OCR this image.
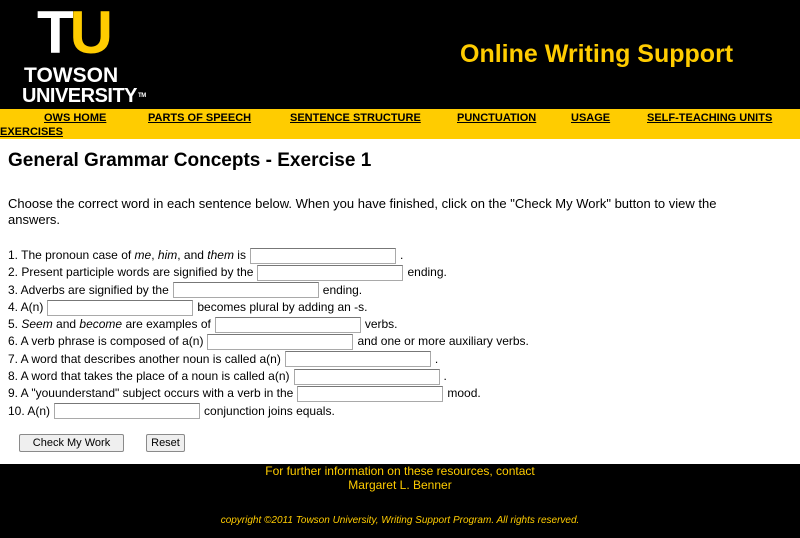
TU
TOWSON
UNIVERSITYTM
Online Writing Support
OWS HOME	PARTS OF SPEECH	SENTENCE STRUCTURE	PUNCTUATION	USAGE	SELF-TEACHING UNITS
EXERCISES
General Grammar Concepts - Exercise 1
Choose the correct word in each sentence below. When you have finished, click on the "Check My Work" button to view the answers.
1. The pronoun case of me , him , and them is	.
2. Present participle words are signified by the	ending.
3. Adverbs are signified by the	ending.
4. A(n)	becomes plural by adding an -s.
5. Seem and become are examples of	verbs.
6. A verb phrase is composed of a(n)	and one or more auxiliary verbs.
7. A word that describes another noun is called a(n)	.
8. A word that takes the place of a noun is called a(n)	.
9. A "youunderstand" subject occurs with a verb in the	mood.
10. A(n)	conjunction joins equals.
Check My Work	Reset
For further information on these resources, contact
Margaret L. Benner
copyright ©2011 Towson University, Writing Support Program. All rights reserved.
